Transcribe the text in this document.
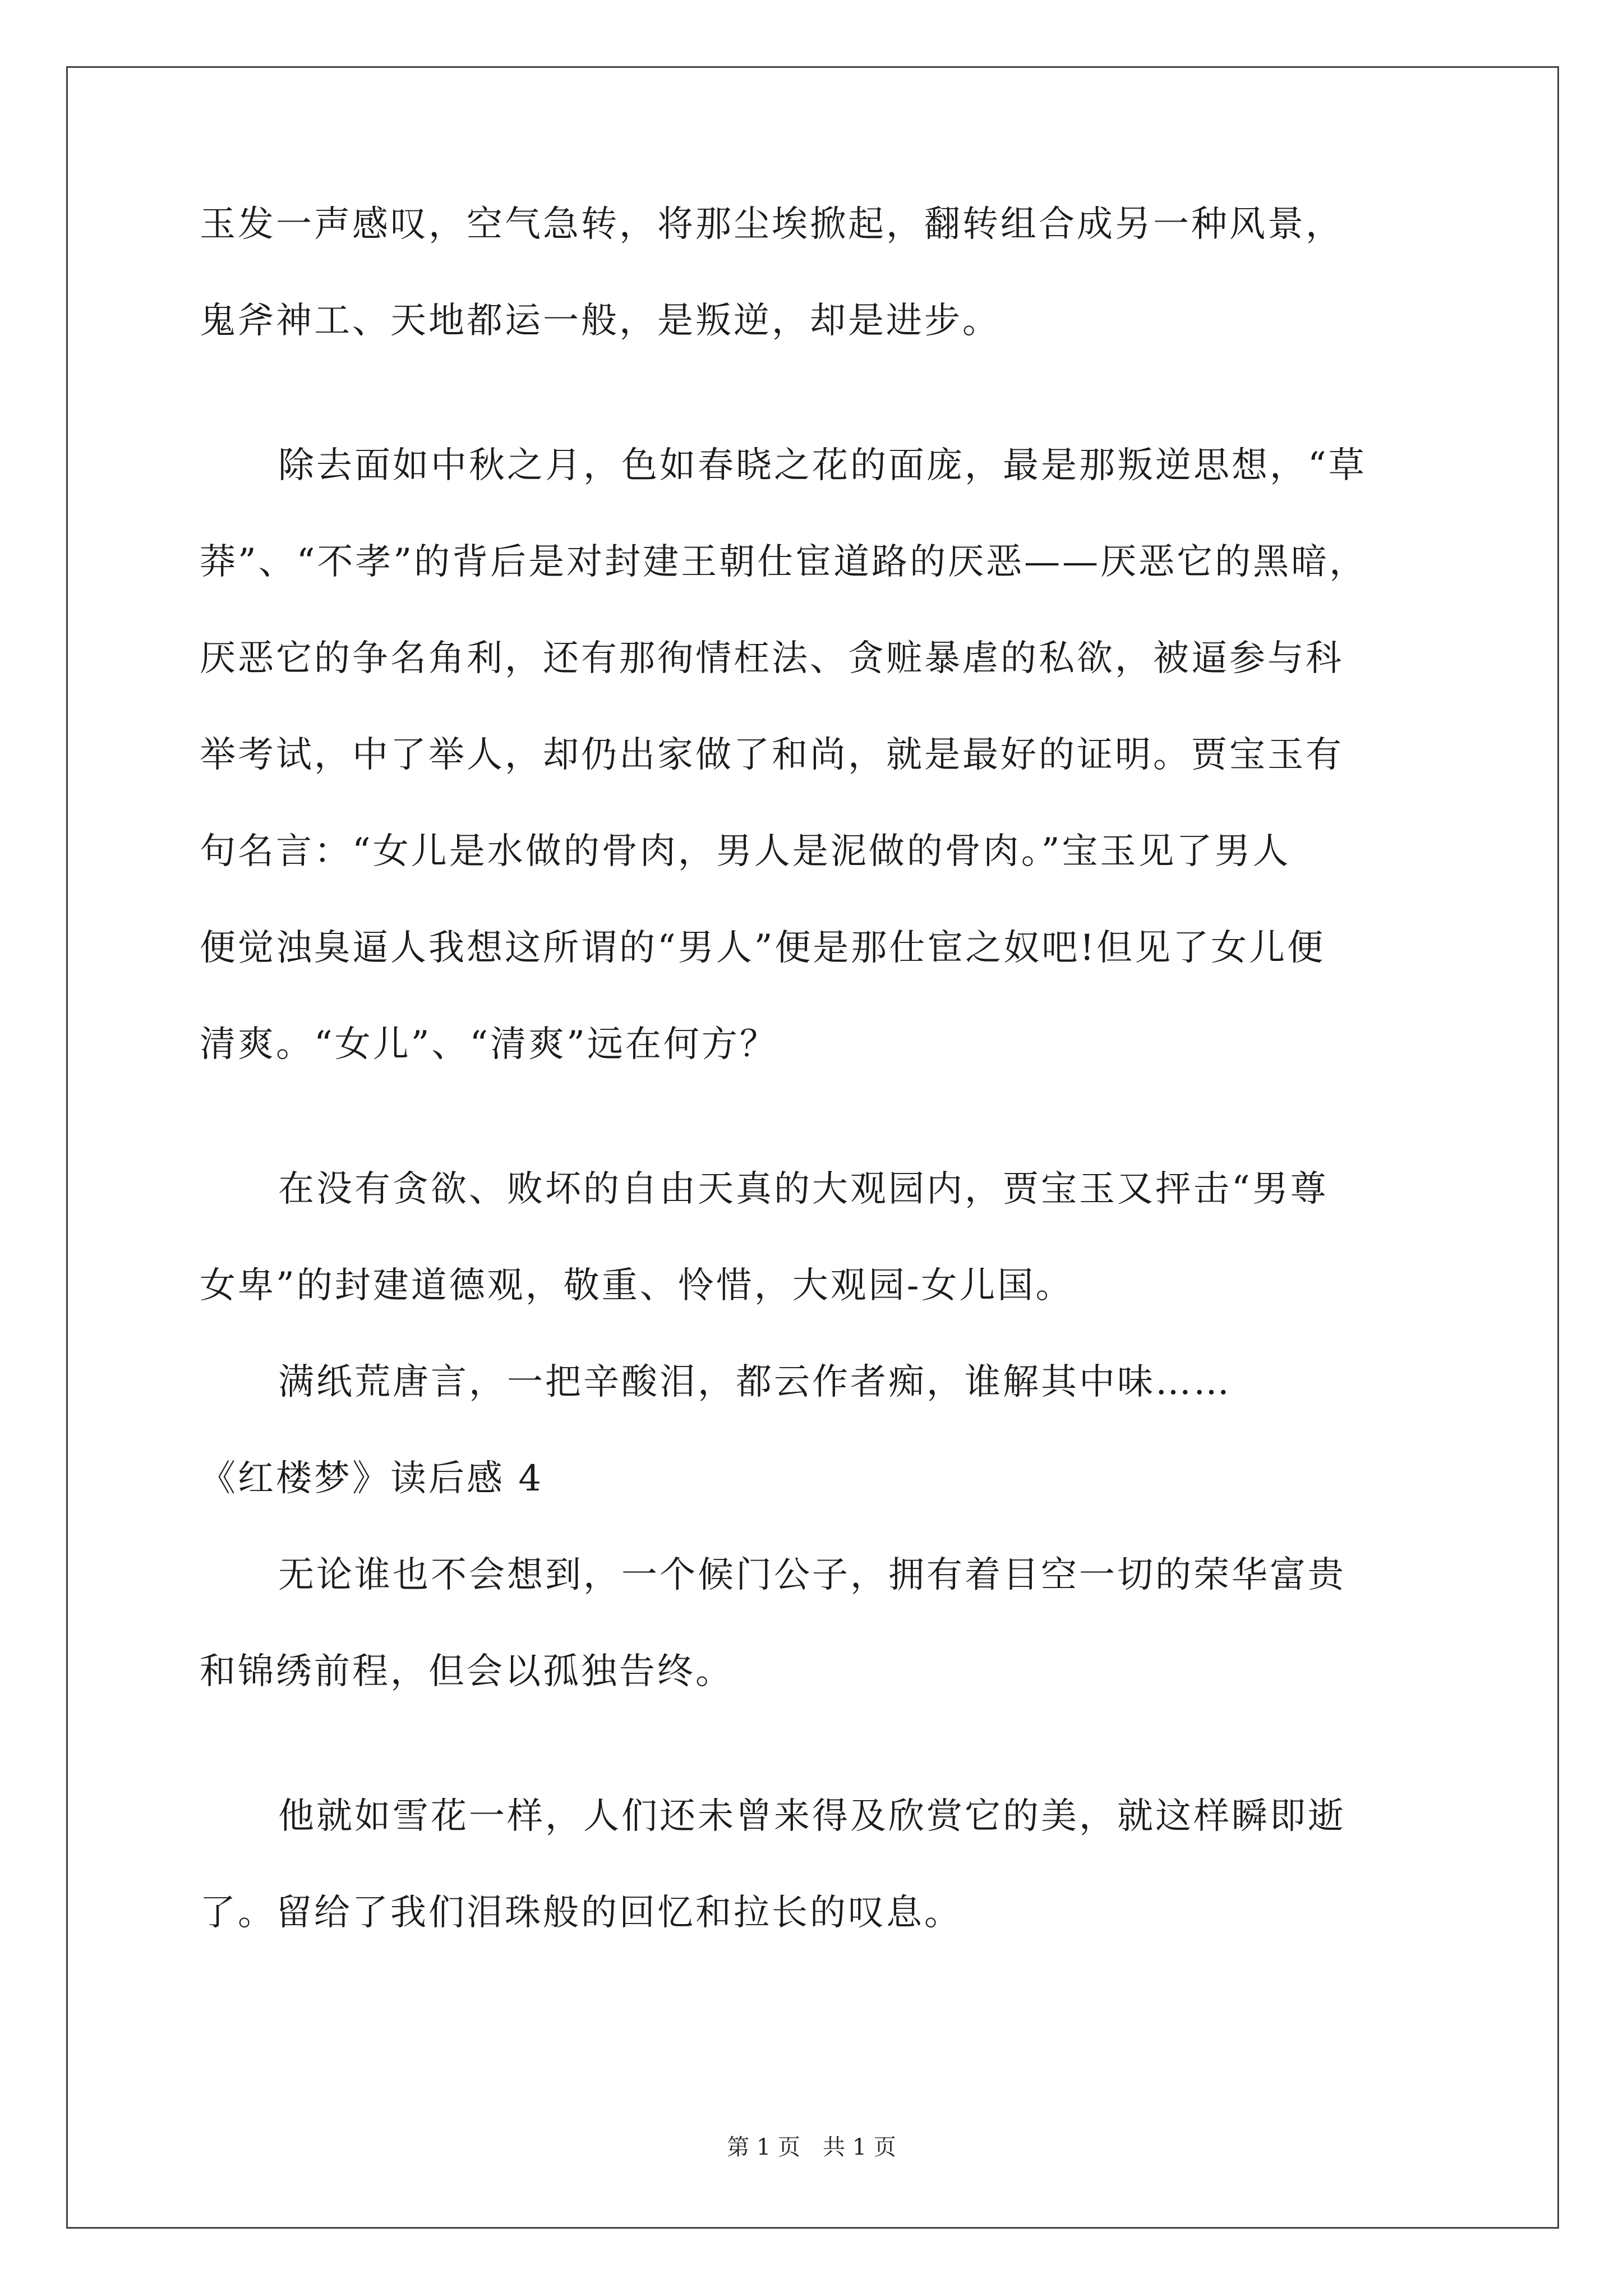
玉发一声感叹，空气急转，将那尘埃掀起，翻转组合成另一种风景，
鬼斧神工、天地都运一般，是叛逆，却是进步。
除去面如中秋之月，色如春晓之花的面庞，最是那叛逆思想，“草
莽”、“不孝”的背后是对封建王朝仕宦道路的厌恶——厌恶它的黑暗，
厌恶它的争名角利，还有那徇情枉法、贪赃暴虐的私欲，被逼参与科
举考试，中了举人，却仍出家做了和尚，就是最好的证明。贾宝玉有
句名言：“女儿是水做的骨肉，男人是泥做的骨肉。”宝玉见了男人
便觉浊臭逼人我想这所谓的“男人”便是那仕宦之奴吧!但见了女儿便
清爽。“女儿”、“清爽”远在何方？
在没有贪欲、败坏的自由天真的大观园内，贾宝玉又抨击“男尊
女卑”的封建道德观，敬重、怜惜，大观园-女儿国。
满纸荒唐言，一把辛酸泪，都云作者痴，谁解其中味……
《红楼梦》读后感 4
无论谁也不会想到，一个候门公子，拥有着目空一切的荣华富贵
和锦绣前程，但会以孤独告终。
他就如雪花一样，人们还未曾来得及欣赏它的美，就这样瞬即逝
了。留给了我们泪珠般的回忆和拉长的叹息。
第 1 页　共 1 页
